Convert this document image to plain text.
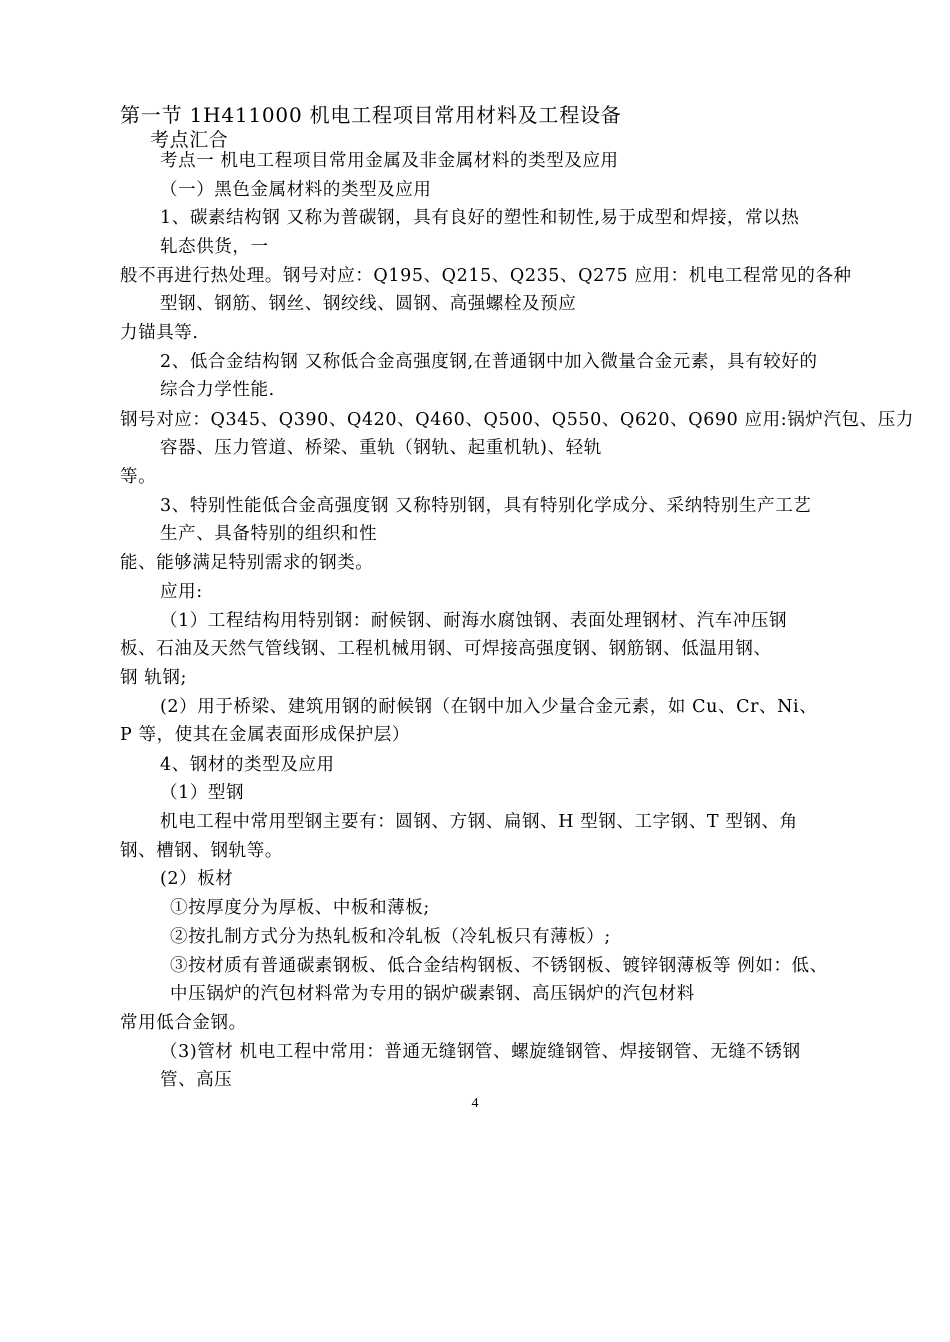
第一节 1H411000 机电工程项目常用材料及工程设备
考点汇合
考点一 机电工程项目常用金属及非金属材料的类型及应用
（一）黑色金属材料的类型及应用
1、碳素结构钢 又称为普碳钢，具有良好的塑性和韧性,易于成型和焊接，常以热
轧态供货，一
般不再进行热处理。钢号对应：Q195、Q215、Q235、Q275 应用：机电工程常见的各种
型钢、钢筋、钢丝、钢绞线、圆钢、高强螺栓及预应
力锚具等.
2、低合金结构钢 又称低合金高强度钢,在普通钢中加入微量合金元素，具有较好的
综合力学性能.
钢号对应：Q345、Q390、Q420、Q460、Q500、Q550、Q620、Q690 应用:锅炉汽包、压力
容器、压力管道、桥梁、重轨（钢轨、起重机轨)、轻轨
等。
3、特别性能低合金高强度钢 又称特别钢，具有特别化学成分、采纳特别生产工艺
生产、具备特别的组织和性
能、能够满足特别需求的钢类。
应用:
（1）工程结构用特别钢：耐候钢、耐海水腐蚀钢、表面处理钢材、汽车冲压钢
板、石油及天然气管线钢、工程机械用钢、可焊接高强度钢、钢筋钢、低温用钢、
钢 轨钢;
(2）用于桥梁、建筑用钢的耐候钢（在钢中加入少量合金元素，如 Cu、Cr、Ni、
P 等，使其在金属表面形成保护层）
4、钢材的类型及应用
（1）型钢
机电工程中常用型钢主要有：圆钢、方钢、扁钢、H 型钢、工字钢、T 型钢、角
钢、槽钢、钢轨等。
(2）板材
①按厚度分为厚板、中板和薄板;
②按扎制方式分为热轧板和冷轧板（冷轧板只有薄板）;
③按材质有普通碳素钢板、低合金结构钢板、不锈钢板、镀锌钢薄板等 例如：低、
中压锅炉的汽包材料常为专用的锅炉碳素钢、高压锅炉的汽包材料
常用低合金钢。
（3)管材 机电工程中常用：普通无缝钢管、螺旋缝钢管、焊接钢管、无缝不锈钢
管、高压
4
